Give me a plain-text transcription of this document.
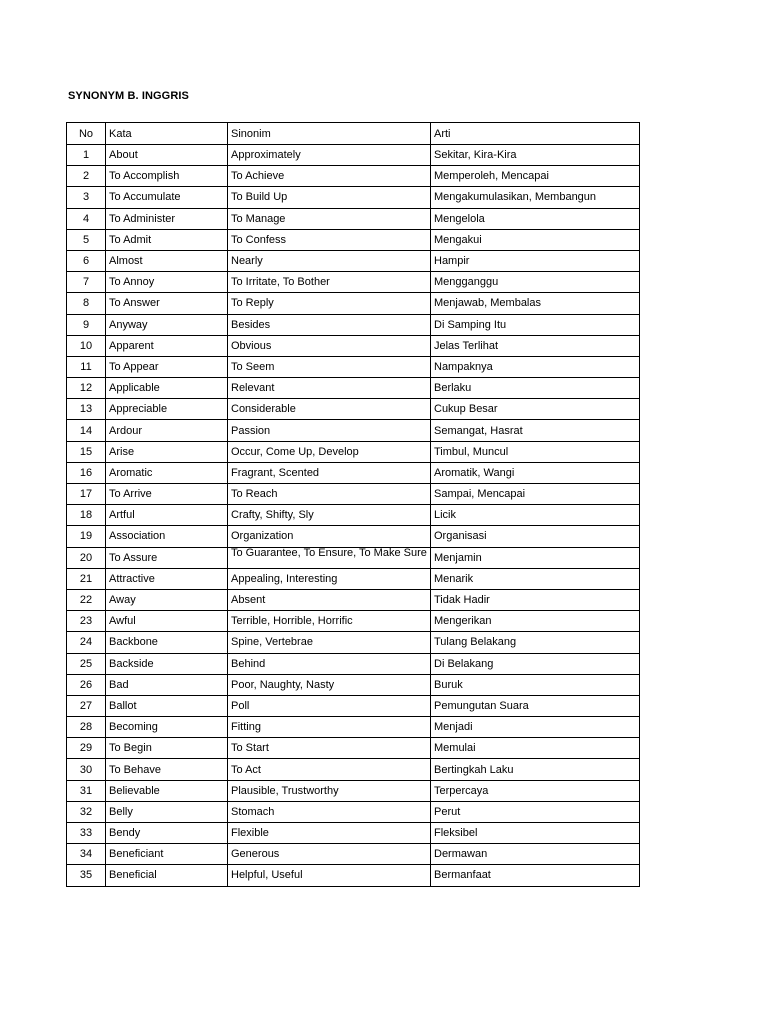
SYNONYM B. INGGRIS
No	Kata	Sinonim	Arti
1	About	Approximately	Sekitar, Kira-Kira
2	To Accomplish	To Achieve	Memperoleh, Mencapai
3	To Accumulate	To Build Up	Mengakumulasikan, Membangun
4	To Administer	To Manage	Mengelola
5	To Admit	To Confess	Mengakui
6	Almost	Nearly	Hampir
7	To Annoy	To Irritate, To Bother	Mengganggu
8	To Answer	To Reply	Menjawab, Membalas
9	Anyway	Besides	Di Samping Itu
10	Apparent	Obvious	Jelas Terlihat
11	To Appear	To Seem	Nampaknya
12	Applicable	Relevant	Berlaku
13	Appreciable	Considerable	Cukup Besar
14	Ardour	Passion	Semangat, Hasrat
15	Arise	Occur, Come Up, Develop	Timbul, Muncul
16	Aromatic	Fragrant, Scented	Aromatik, Wangi
17	To Arrive	To Reach	Sampai, Mencapai
18	Artful	Crafty, Shifty, Sly	Licik
19	Association	Organization	Organisasi
20	To Assure	To Guarantee, To Ensure, To Make Sure	Menjamin
21	Attractive	Appealing, Interesting	Menarik
22	Away	Absent	Tidak Hadir
23	Awful	Terrible, Horrible, Horrific	Mengerikan
24	Backbone	Spine, Vertebrae	Tulang Belakang
25	Backside	Behind	Di Belakang
26	Bad	Poor, Naughty, Nasty	Buruk
27	Ballot	Poll	Pemungutan Suara
28	Becoming	Fitting	Menjadi
29	To Begin	To Start	Memulai
30	To Behave	To Act	Bertingkah Laku
31	Believable	Plausible, Trustworthy	Terpercaya
32	Belly	Stomach	Perut
33	Bendy	Flexible	Fleksibel
34	Beneficiant	Generous	Dermawan
35	Beneficial	Helpful, Useful	Bermanfaat
